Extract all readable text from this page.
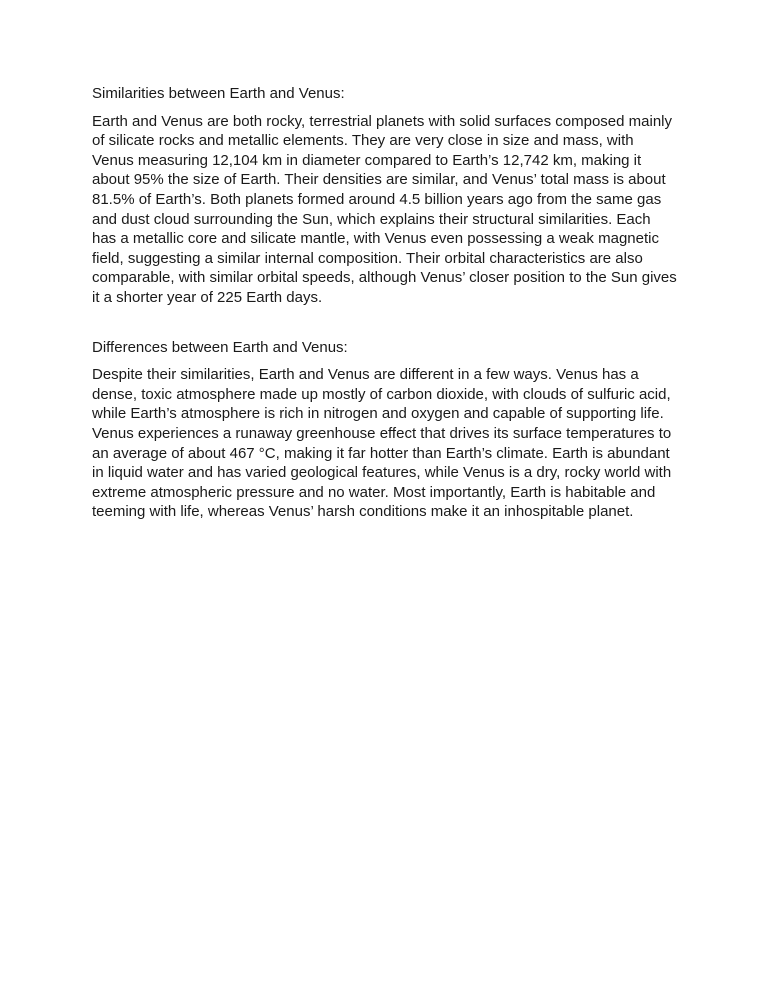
Similarities between Earth and Venus:

Earth and Venus are both rocky, terrestrial planets with solid surfaces composed mainly of silicate rocks and metallic elements. They are very close in size and mass, with Venus measuring 12,104 km in diameter compared to Earth’s 12,742 km, making it about 95% the size of Earth. Their densities are similar, and Venus’ total mass is about 81.5% of Earth’s. Both planets formed around 4.5 billion years ago from the same gas and dust cloud surrounding the Sun, which explains their structural similarities. Each has a metallic core and silicate mantle, with Venus even possessing a weak magnetic field, suggesting a similar internal composition. Their orbital characteristics are also comparable, with similar orbital speeds, although Venus’ closer position to the Sun gives it a shorter year of 225 Earth days.

Differences between Earth and Venus:

Despite their similarities, Earth and Venus are different in a few ways. Venus has a dense, toxic atmosphere made up mostly of carbon dioxide, with clouds of sulfuric acid, while Earth’s atmosphere is rich in nitrogen and oxygen and capable of supporting life. Venus experiences a runaway greenhouse effect that drives its surface temperatures to an average of about 467 °C, making it far hotter than Earth’s climate. Earth is abundant in liquid water and has varied geological features, while Venus is a dry, rocky world with extreme atmospheric pressure and no water. Most importantly, Earth is habitable and teeming with life, whereas Venus’ harsh conditions make it an inhospitable planet.
